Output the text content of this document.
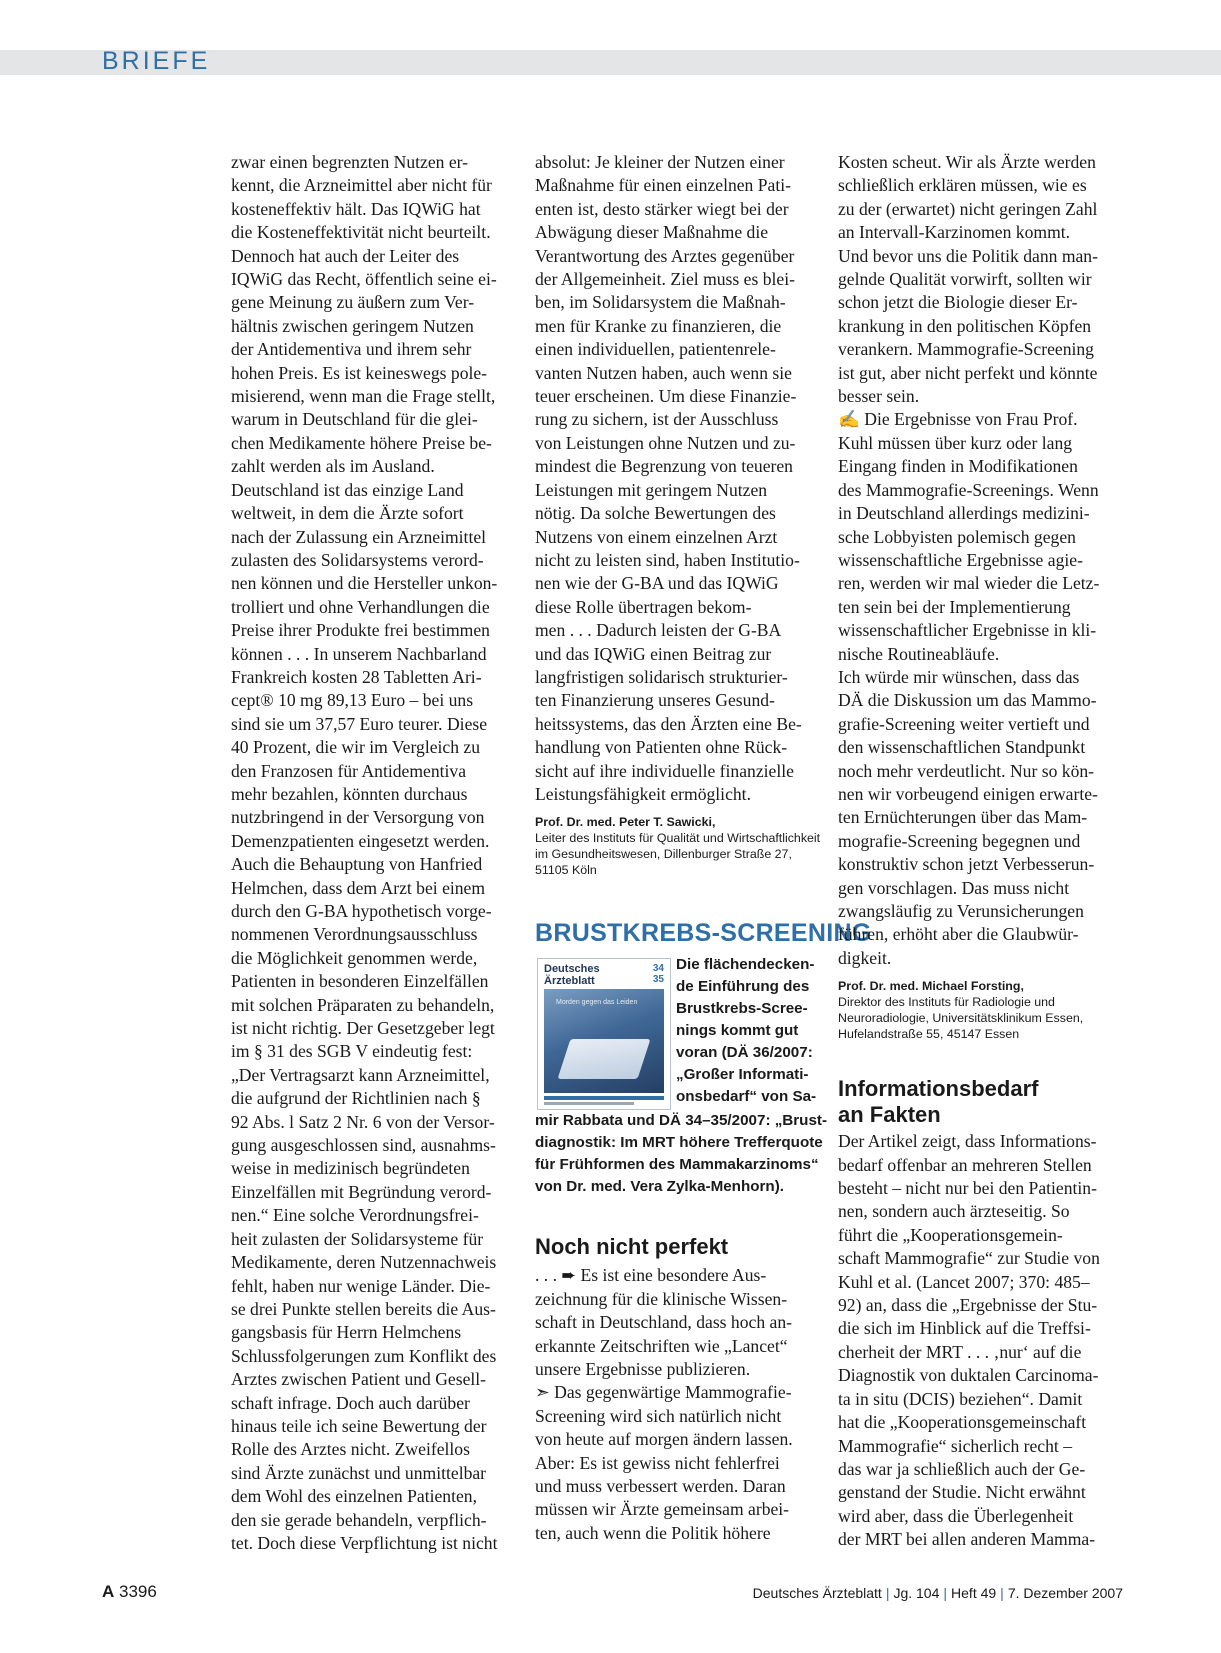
BRIEFE
zwar einen begrenzten Nutzen er-
kennt, die Arzneimittel aber nicht für
kosteneffektiv hält. Das IQWiG hat
die Kosteneffektivität nicht beurteilt.
Dennoch hat auch der Leiter des
IQWiG das Recht, öffentlich seine ei-
gene Meinung zu äußern zum Ver-
hältnis zwischen geringem Nutzen
der Antidementiva und ihrem sehr
hohen Preis. Es ist keineswegs pole-
misierend, wenn man die Frage stellt,
warum in Deutschland für die glei-
chen Medikamente höhere Preise be-
zahlt werden als im Ausland.
Deutschland ist das einzige Land
weltweit, in dem die Ärzte sofort
nach der Zulassung ein Arzneimittel
zulasten des Solidarsystems verord-
nen können und die Hersteller unkon-
trolliert und ohne Verhandlungen die
Preise ihrer Produkte frei bestimmen
können . . . In unserem Nachbarland
Frankreich kosten 28 Tabletten Ari-
cept® 10 mg 89,13 Euro – bei uns
sind sie um 37,57 Euro teurer. Diese
40 Prozent, die wir im Vergleich zu
den Franzosen für Antidementiva
mehr bezahlen, könnten durchaus
nutzbringend in der Versorgung von
Demenzpatienten eingesetzt werden.
Auch die Behauptung von Hanfried
Helmchen, dass dem Arzt bei einem
durch den G-BA hypothetisch vorge-
nommenen Verordnungsausschluss
die Möglichkeit genommen werde,
Patienten in besonderen Einzelfällen
mit solchen Präparaten zu behandeln,
ist nicht richtig. Der Gesetzgeber legt
im § 31 des SGB V eindeutig fest:
„Der Vertragsarzt kann Arzneimittel,
die aufgrund der Richtlinien nach §
92 Abs. l Satz 2 Nr. 6 von der Versor-
gung ausgeschlossen sind, ausnahms-
weise in medizinisch begründeten
Einzelfällen mit Begründung verord-
nen.“ Eine solche Verordnungsfrei-
heit zulasten der Solidarsysteme für
Medikamente, deren Nutzennachweis
fehlt, haben nur wenige Länder. Die-
se drei Punkte stellen bereits die Aus-
gangsbasis für Herrn Helmchens
Schlussfolgerungen zum Konflikt des
Arztes zwischen Patient und Gesell-
schaft infrage. Doch auch darüber
hinaus teile ich seine Bewertung der
Rolle des Arztes nicht. Zweifellos
sind Ärzte zunächst und unmittelbar
dem Wohl des einzelnen Patienten,
den sie gerade behandeln, verpflich-
tet. Doch diese Verpflichtung ist nicht
absolut: Je kleiner der Nutzen einer
Maßnahme für einen einzelnen Pati-
enten ist, desto stärker wiegt bei der
Abwägung dieser Maßnahme die
Verantwortung des Arztes gegenüber
der Allgemeinheit. Ziel muss es blei-
ben, im Solidarsystem die Maßnah-
men für Kranke zu finanzieren, die
einen individuellen, patientenrele-
vanten Nutzen haben, auch wenn sie
teuer erscheinen. Um diese Finanzie-
rung zu sichern, ist der Ausschluss
von Leistungen ohne Nutzen und zu-
mindest die Begrenzung von teueren
Leistungen mit geringem Nutzen
nötig. Da solche Bewertungen des
Nutzens von einem einzelnen Arzt
nicht zu leisten sind, haben Institutio-
nen wie der G-BA und das IQWiG
diese Rolle übertragen bekom-
men . . . Dadurch leisten der G-BA
und das IQWiG einen Beitrag zur
langfristigen solidarisch strukturier-
ten Finanzierung unseres Gesund-
heitssystems, das den Ärzten eine Be-
handlung von Patienten ohne Rück-
sicht auf ihre individuelle finanzielle
Leistungsfähigkeit ermöglicht.
Prof. Dr. med. Peter T. Sawicki,
Leiter des Instituts für Qualität und Wirtschaftlichkeit
im Gesundheitswesen, Dillenburger Straße 27,
51105 Köln
BRUSTKREBS-SCREENING
Deutsches
Ärzteblatt
34
35
Morden gegen das Leiden
Die flächendecken-
de Einführung des
Brustkrebs-Scree-
nings kommt gut
voran (DÄ 36/2007:
„Großer Informati-
onsbedarf“ von Sa-
mir Rabbata und DÄ 34–35/2007: „Brust-
diagnostik: Im MRT höhere Trefferquote
für Frühformen des Mammakarzinoms“
von Dr. med. Vera Zylka-Menhorn).
Noch nicht perfekt
. . . ➨ Es ist eine besondere Aus-
zeichnung für die klinische Wissen-
schaft in Deutschland, dass hoch an-
erkannte Zeitschriften wie „Lancet“
unsere Ergebnisse publizieren.
➣ Das gegenwärtige Mammografie-
Screening wird sich natürlich nicht
von heute auf morgen ändern lassen.
Aber: Es ist gewiss nicht fehlerfrei
und muss verbessert werden. Daran
müssen wir Ärzte gemeinsam arbei-
ten, auch wenn die Politik höhere
Kosten scheut. Wir als Ärzte werden
schließlich erklären müssen, wie es
zu der (erwartet) nicht geringen Zahl
an Intervall-Karzinomen kommt.
Und bevor uns die Politik dann man-
gelnde Qualität vorwirft, sollten wir
schon jetzt die Biologie dieser Er-
krankung in den politischen Köpfen
verankern. Mammografie-Screening
ist gut, aber nicht perfekt und könnte
besser sein.
✍ Die Ergebnisse von Frau Prof.
Kuhl müssen über kurz oder lang
Eingang finden in Modifikationen
des Mammografie-Screenings. Wenn
in Deutschland allerdings medizini-
sche Lobbyisten polemisch gegen
wissenschaftliche Ergebnisse agie-
ren, werden wir mal wieder die Letz-
ten sein bei der Implementierung
wissenschaftlicher Ergebnisse in kli-
nische Routineabläufe.
Ich würde mir wünschen, dass das
DÄ die Diskussion um das Mammo-
grafie-Screening weiter vertieft und
den wissenschaftlichen Standpunkt
noch mehr verdeutlicht. Nur so kön-
nen wir vorbeugend einigen erwarte-
ten Ernüchterungen über das Mam-
mografie-Screening begegnen und
konstruktiv schon jetzt Verbesserun-
gen vorschlagen. Das muss nicht
zwangsläufig zu Verunsicherungen
führen, erhöht aber die Glaubwür-
digkeit.
Prof. Dr. med. Michael Forsting,
Direktor des Instituts für Radiologie und
Neuroradiologie, Universitätsklinikum Essen,
Hufelandstraße 55, 45147 Essen
Informationsbedarf
an Fakten
Der Artikel zeigt, dass Informations-
bedarf offenbar an mehreren Stellen
besteht – nicht nur bei den Patientin-
nen, sondern auch ärzteseitig. So
führt die „Kooperationsgemein-
schaft Mammografie“ zur Studie von
Kuhl et al. (Lancet 2007; 370: 485–
92) an, dass die „Ergebnisse der Stu-
die sich im Hinblick auf die Treffsi-
cherheit der MRT . . . ‚nur‘ auf die
Diagnostik von duktalen Carcinoma-
ta in situ (DCIS) beziehen“. Damit
hat die „Kooperationsgemeinschaft
Mammografie“ sicherlich recht –
das war ja schließlich auch der Ge-
genstand der Studie. Nicht erwähnt
wird aber, dass die Überlegenheit
der MRT bei allen anderen Mamma-
A 3396	Deutsches Ärzteblatt | Jg. 104 | Heft 49 | 7. Dezember 2007
